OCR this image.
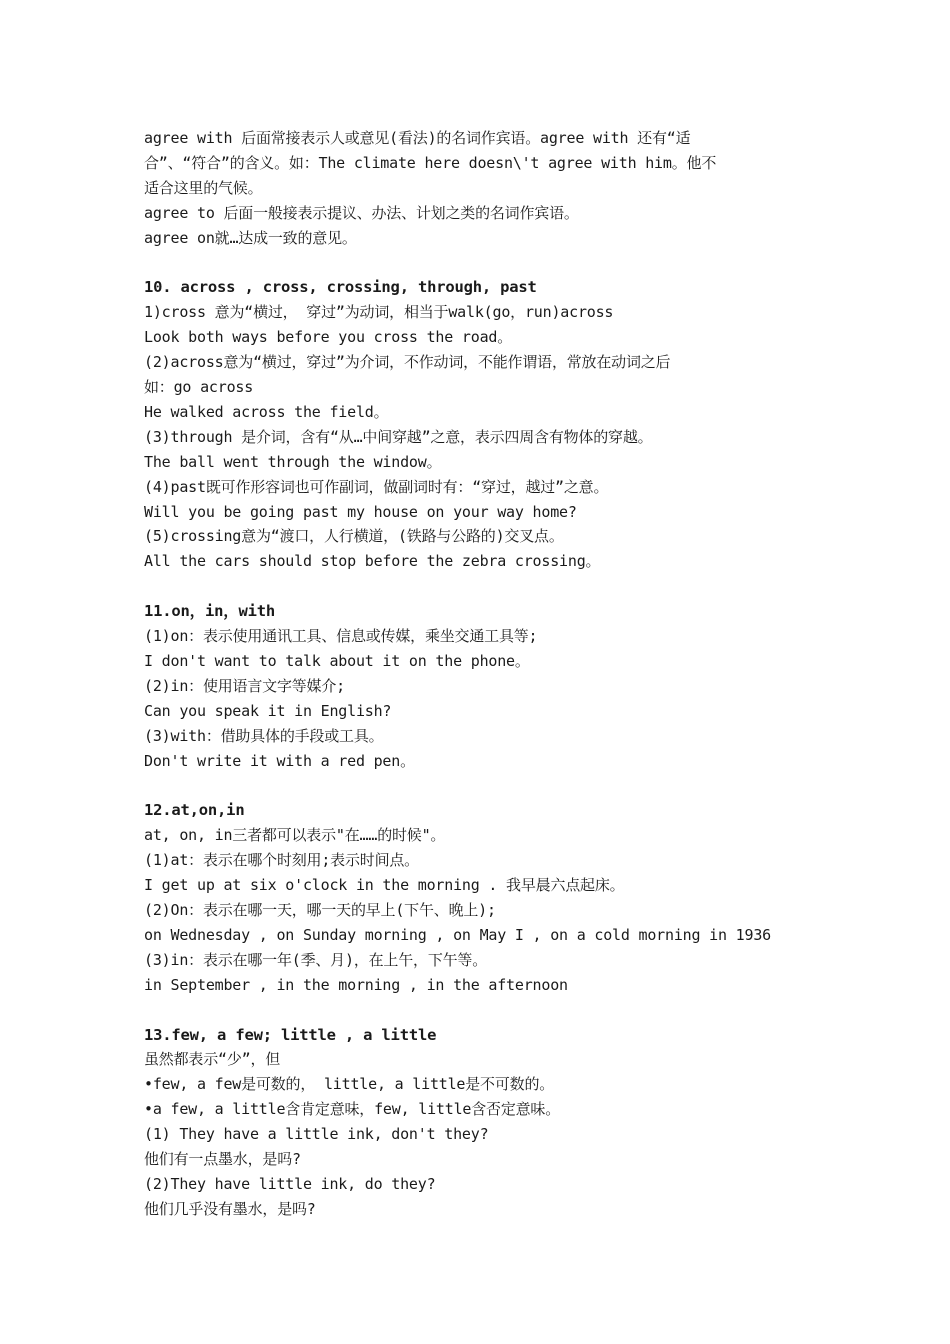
agree with 后面常接表示人或意见(看法)的名词作宾语。agree with 还有“适
合”、“符合”的含义。如：The climate here doesn\'t agree with him。他不
适合这里的气候。
agree to 后面一般接表示提议、办法、计划之类的名词作宾语。
agree on就…达成一致的意见。
10. across , cross, crossing, through, past
1)cross 意为“横过， 穿过”为动词，相当于walk(go，run)across
Look both ways before you cross the road。
(2)across意为“横过，穿过”为介词，不作动词，不能作谓语，常放在动词之后
如：go across
He walked across the field。
(3)through 是介词，含有“从…中间穿越”之意，表示四周含有物体的穿越。
The ball went through the window。
(4)past既可作形容词也可作副词，做副词时有：“穿过，越过”之意。
Will you be going past my house on your way home?
(5)crossing意为“渡口，人行横道，(铁路与公路的)交叉点。
All the cars should stop before the zebra crossing。
11.on，in，with
(1)on：表示使用通讯工具、信息或传媒，乘坐交通工具等;
I don't want to talk about it on the phone。
(2)in：使用语言文字等媒介;
Can you speak it in English?
(3)with：借助具体的手段或工具。
Don't write it with a red pen。
12.at,on,in
at, on, in三者都可以表示"在……的时候"。
(1)at：表示在哪个时刻用;表示时间点。
I get up at six o'clock in the morning . 我早晨六点起床。
(2)On：表示在哪一天，哪一天的早上(下午、晚上);
on Wednesday , on Sunday morning , on May I , on a cold morning in 1936
(3)in：表示在哪一年(季、月)，在上午，下午等。
in September , in the morning , in the afternoon
13.few, a few; little , a little
虽然都表示“少”，但
•few, a few是可数的， little, a little是不可数的。
•a few, a little含肯定意味，few, little含否定意味。
(1) They have a little ink, don't they?
他们有一点墨水，是吗?
(2)They have little ink, do they?
他们几乎没有墨水，是吗?
